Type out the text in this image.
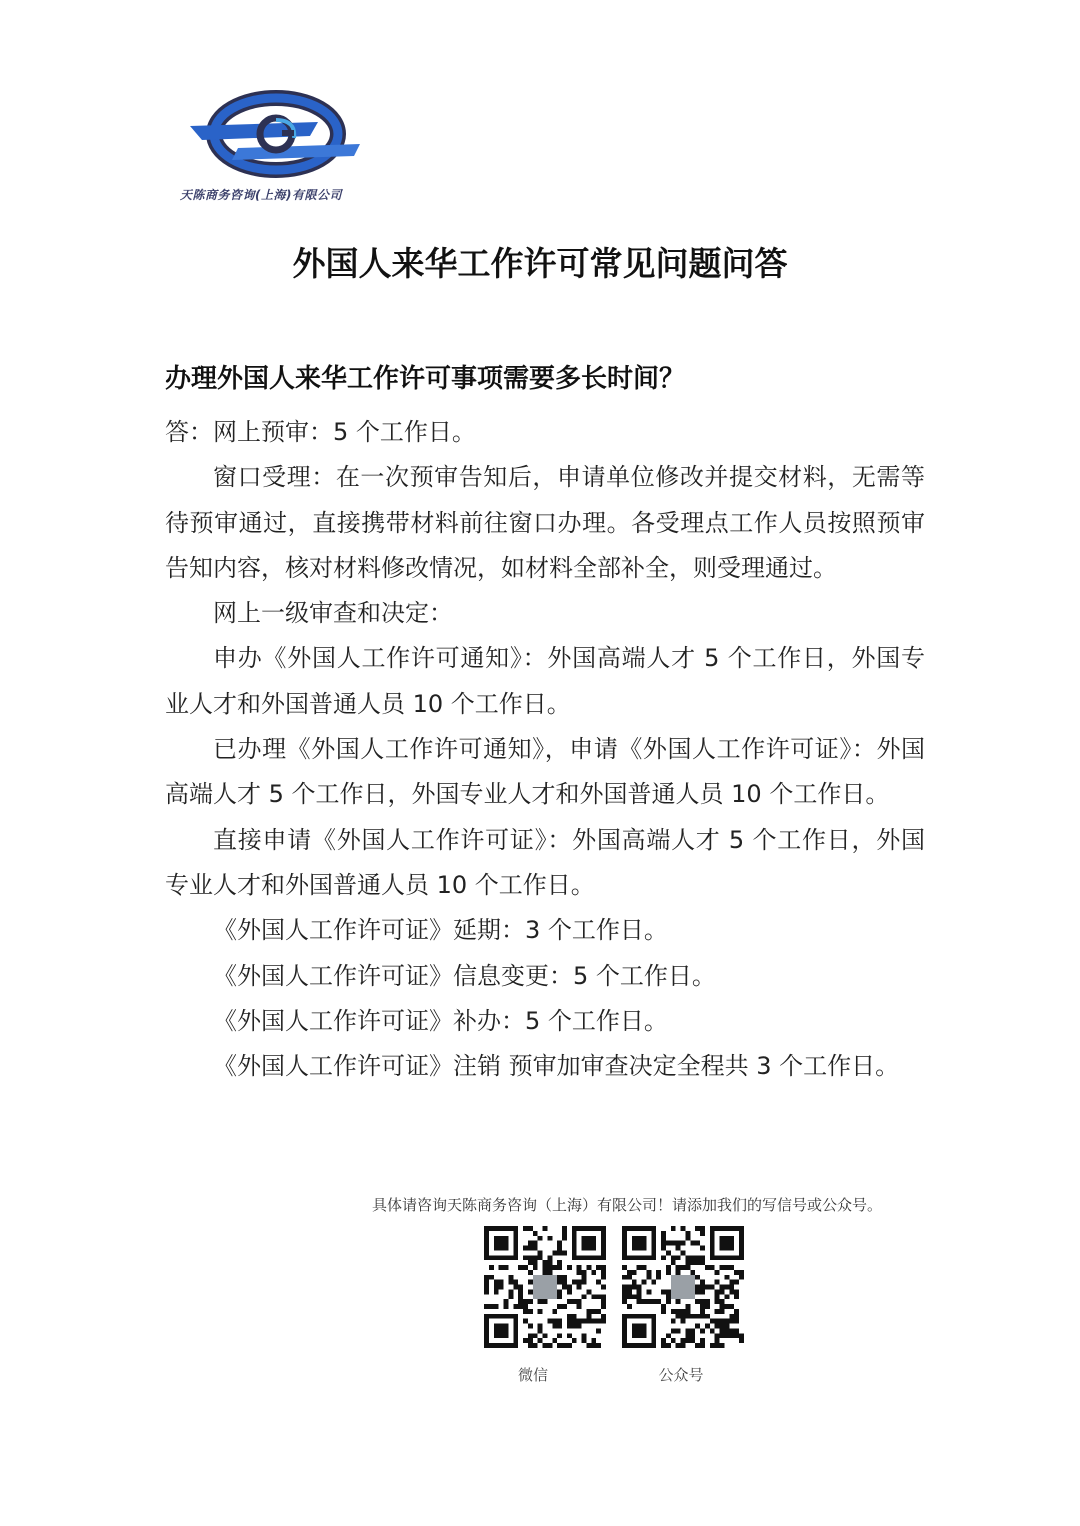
天陈商务咨询(上海)有限公司
外国人来华工作许可常见问题问答
办理外国人来华工作许可事项需要多长时间？

答：网上预审：5 个工作日。

窗口受理：在一次预审告知后，申请单位修改并提交材料，无需等待预审通过，直接携带材料前往窗口办理。各受理点工作人员按照预审告知内容，核对材料修改情况，如材料全部补全，则受理通过。

网上一级审查和决定：

申办《外国人工作许可通知》：外国高端人才 5 个工作日，外国专业人才和外国普通人员 10 个工作日。

已办理《外国人工作许可通知》，申请《外国人工作许可证》：外国高端人才 5 个工作日，外国专业人才和外国普通人员 10 个工作日。

直接申请《外国人工作许可证》：外国高端人才 5 个工作日，外国专业人才和外国普通人员 10 个工作日。

《外国人工作许可证》延期：3 个工作日。

《外国人工作许可证》信息变更：5 个工作日。

《外国人工作许可证》补办：5 个工作日。

《外国人工作许可证》注销 预审加审查决定全程共 3 个工作日。

具体请咨询天陈商务咨询（上海）有限公司！请添加我们的写信号或公众号。
微信	公众号
